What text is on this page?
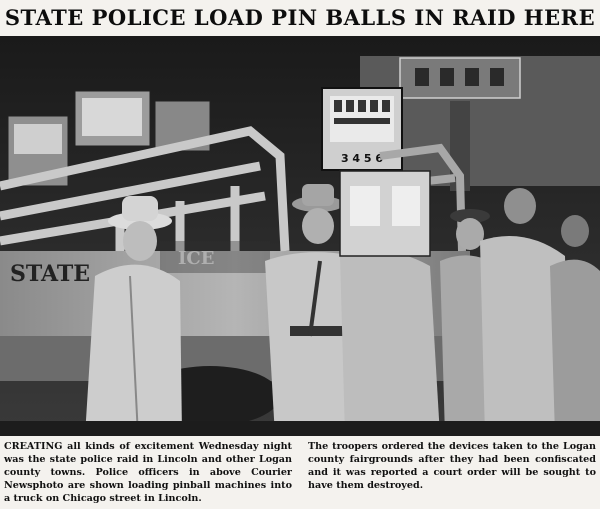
STATE POLICE LOAD PIN BALLS IN RAID HERE
3 4 5 6
STATE
ICE
CREATING all kinds of excitement Wednesday night was the state police raid in Lincoln and other Logan county towns. Police officers in above Courier Newsphoto are shown loading pinball machines into a truck on Chicago street in Lincoln.
The troopers ordered the devices taken to the Logan county fairgrounds after they had been confiscated and it was reported a court order will be sought to have them destroyed.
